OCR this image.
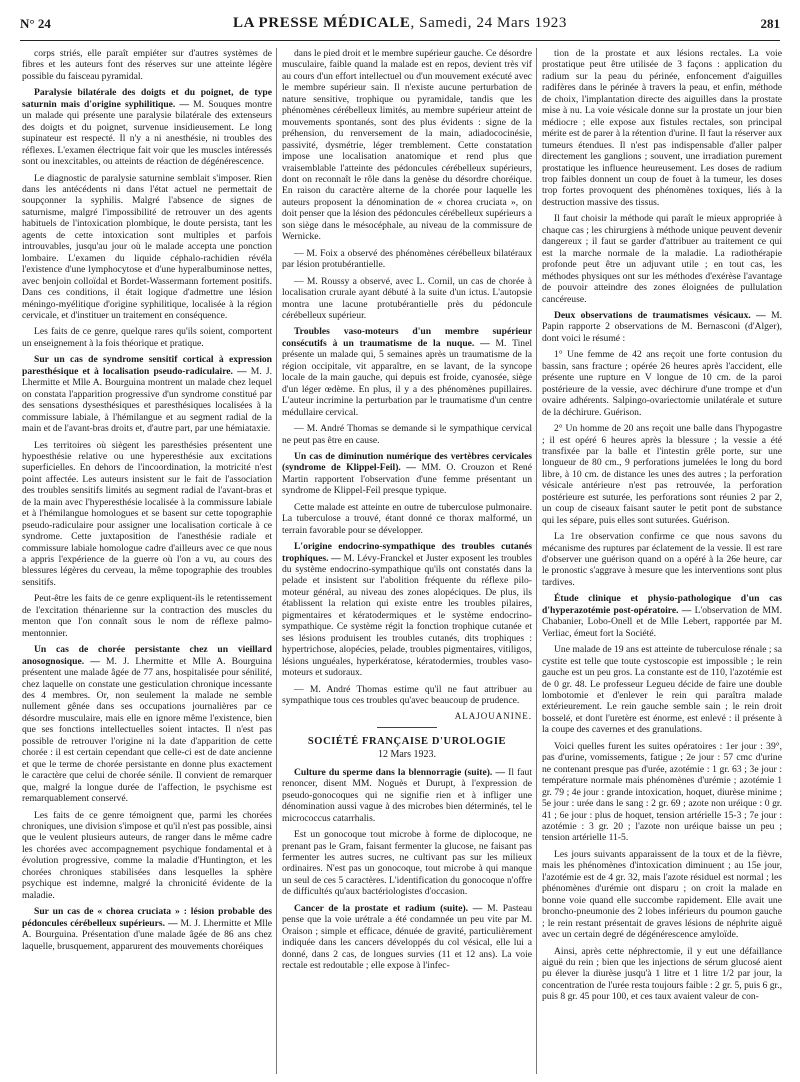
N° 24	LA PRESSE MÉDICALE, Samedi, 24 Mars 1923	281

corps striés, elle paraît empiéter sur d'autres systèmes de fibres et les auteurs font des réserves sur une atteinte légère possible du faisceau pyramidal.

Paralysie bilatérale des doigts et du poignet, de type saturnin mais d'origine syphilitique. — M. Souques montre un malade qui présente une paralysie bilatérale des extenseurs des doigts et du poignet, survenue insidieusement. Le long supinateur est respecté. Il n'y a ni anesthésie, ni troubles des réflexes. L'examen électrique fait voir que les muscles intéressés sont ou inexcitables, ou atteints de réaction de dégénérescence.

Le diagnostic de paralysie saturnine semblait s'imposer. Rien dans les antécédents ni dans l'état actuel ne permettait de soupçonner la syphilis. Malgré l'absence de signes de saturnisme, malgré l'impossibilité de retrouver un des agents habituels de l'intoxication plombique, le doute persista, tant les agents de cette intoxication sont multiples et parfois introuvables, jusqu'au jour où le malade accepta une ponction lombaire. L'examen du liquide céphalo-rachidien révéla l'existence d'une lymphocytose et d'une hyperalbuminose nettes, avec benjoin colloïdal et Bordet-Wassermann fortement positifs. Dans ces conditions, il était logique d'admettre une lésion méningo-myélitique d'origine syphilitique, localisée à la région cervicale, et d'instituer un traitement en conséquence.

Les faits de ce genre, quelque rares qu'ils soient, comportent un enseignement à la fois théorique et pratique.

Sur un cas de syndrome sensitif cortical à expression paresthésique et à localisation pseudo-radiculaire. — M. J. Lhermitte et Mlle A. Bourguina montrent un malade chez lequel on constata l'apparition progressive d'un syndrome constitué par des sensations dysesthésiques et paresthésiques localisées à la commissure labiale, à l'hémilangue et au segment radial de la main et de l'avant-bras droits et, d'autre part, par une hémiataxie.

Les territoires où siègent les paresthésies présentent une hypoesthésie relative ou une hyperesthésie aux excitations superficielles. En dehors de l'incoordination, la motricité n'est point affectée. Les auteurs insistent sur le fait de l'association des troubles sensitifs limités au segment radial de l'avant-bras et de la main avec l'hyperesthésie localisée à la commissure labiale et à l'hémilangue homologues et se basent sur cette topographie pseudo-radiculaire pour assigner une localisation corticale à ce syndrome. Cette juxtaposition de l'anesthésie radiale et commissure labiale homologue cadre d'ailleurs avec ce que nous a appris l'expérience de la guerre où l'on a vu, au cours des blessures légères du cerveau, la même topographie des troubles sensitifs.

Peut-être les faits de ce genre expliquent-ils le retentissement de l'excitation thénarienne sur la contraction des muscles du menton que l'on connaît sous le nom de réflexe palmo-mentonnier.

Un cas de chorée persistante chez un vieillard anosognosique. — M. J. Lhermitte et Mlle A. Bourguina présentent une malade âgée de 77 ans, hospitalisée pour sénilité, chez laquelle on constate une gesticulation chronique incessante des 4 membres. Or, non seulement la malade ne semble nullement gênée dans ses occupations journalières par ce désordre musculaire, mais elle en ignore même l'existence, bien que ses fonctions intellectuelles soient intactes. Il n'est pas possible de retrouver l'origine ni la date d'apparition de cette chorée : il est certain cependant que celle-ci est de date ancienne et que le terme de chorée persistante en donne plus exactement le caractère que celui de chorée sénile. Il convient de remarquer que, malgré la longue durée de l'affection, le psychisme est remarquablement conservé.

Les faits de ce genre témoignent que, parmi les chorées chroniques, une division s'impose et qu'il n'est pas possible, ainsi que le veulent plusieurs auteurs, de ranger dans le même cadre les chorées avec accompagnement psychique fondamental et à évolution progressive, comme la maladie d'Huntington, et les chorées chroniques stabilisées dans lesquelles la sphère psychique est indemne, malgré la chronicité évidente de la maladie.

Sur un cas de « chorea cruciata » : lésion probable des pédoncules cérébelleux supérieurs. — M. J. Lhermitte et Mlle A. Bourguina. Présentation d'une malade âgée de 86 ans chez laquelle, brusquement, apparurent des mouvements choréiques

dans le pied droit et le membre supérieur gauche. Ce désordre musculaire, faible quand la malade est en repos, devient très vif au cours d'un effort intellectuel ou d'un mouvement exécuté avec le membre supérieur sain. Il n'existe aucune perturbation de nature sensitive, trophique ou pyramidale, tandis que les phénomènes cérébelleux limités, au membre supérieur atteint de mouvements spontanés, sont des plus évidents : signe de la préhension, du renversement de la main, adiadococinésie, passivité, dysmétrie, léger tremblement. Cette constatation impose une localisation anatomique et rend plus que vraisemblable l'atteinte des pédoncules cérébelleux supérieurs, dont on reconnaît le rôle dans la genèse du désordre choréique. En raison du caractère alterne de la chorée pour laquelle les auteurs proposent la dénomination de « chorea cruciata », on doit penser que la lésion des pédoncules cérébelleux supérieurs a son siège dans le mésocéphale, au niveau de la commissure de Wernicke.

— M. Foix a observé des phénomènes cérébelleux bilatéraux par lésion protubérantielle.

— M. Roussy a observé, avec L. Cornil, un cas de chorée à localisation crurale ayant débuté à la suite d'un ictus. L'autopsie montra une lacune protubérantielle près du pédoncule cérébelleux supérieur.

Troubles vaso-moteurs d'un membre supérieur consécutifs à un traumatisme de la nuque. — M. Tinel présente un malade qui, 5 semaines après un traumatisme de la région occipitale, vit apparaître, en se lavant, de la syncope locale de la main gauche, qui depuis est froide, cyanosée, siège d'un léger œdème. En plus, il y a des phénomènes pupillaires. L'auteur incrimine la perturbation par le traumatisme d'un centre médullaire cervical.

— M. André Thomas se demande si le sympathique cervical ne peut pas être en cause.

Un cas de diminution numérique des vertèbres cervicales (syndrome de Klippel-Feil). — MM. O. Crouzon et René Martin rapportent l'observation d'une femme présentant un syndrome de Klippel-Feil presque typique.

Cette malade est atteinte en outre de tuberculose pulmonaire. La tuberculose a trouvé, étant donné ce thorax malformé, un terrain favorable pour se développer.

L'origine endocrino-sympathique des troubles cutanés trophiques. — M. Lévy-Franckel et Juster exposent les troubles du système endocrino-sympathique qu'ils ont constatés dans la pelade et insistent sur l'abolition fréquente du réflexe pilo-moteur général, au niveau des zones alopéciques. De plus, ils établissent la relation qui existe entre les troubles pilaires, pigmentaires et kératodermiques et le système endocrino-sympathique. Ce système régit la fonction trophique cutanée et ses lésions produisent les troubles cutanés, dits trophiques : hypertrichose, alopécies, pelade, troubles pigmentaires, vitiligos, lésions unguéales, hyperkératose, kératodermies, troubles vaso-moteurs et sudoraux.

— M. André Thomas estime qu'il ne faut attribuer au sympathique tous ces troubles qu'avec beaucoup de prudence.

ALAJOUANINE.
SOCIÉTÉ FRANÇAISE D'UROLOGIE
12 Mars 1923.

Culture du sperme dans la blennorragie (suite). — Il faut renoncer, disent MM. Noguès et Durupt, à l'expression de pseudo-gonocoques qui ne signifie rien et à infliger une dénomination aussi vague à des microbes bien déterminés, tel le micrococcus catarrhalis.

Est un gonocoque tout microbe à forme de diplocoque, ne prenant pas le Gram, faisant fermenter la glucose, ne faisant pas fermenter les autres sucres, ne cultivant pas sur les milieux ordinaires. N'est pas un gonocoque, tout microbe à qui manque un seul de ces 5 caractères. L'identification du gonocoque n'offre de difficultés qu'aux bactériologistes d'occasion.

Cancer de la prostate et radium (suite). — M. Pasteau pense que la voie urétrale a été condamnée un peu vite par M. Oraison ; simple et efficace, dénuée de gravité, particulièrement indiquée dans les cancers développés du col vésical, elle lui a donné, dans 2 cas, de longues survies (11 et 12 ans). La voie rectale est redoutable ; elle expose à l'infec-

tion de la prostate et aux lésions rectales. La voie prostatique peut être utilisée de 3 façons : application du radium sur la peau du périnée, enfoncement d'aiguilles radifères dans le périnée à travers la peau, et enfin, méthode de choix, l'implantation directe des aiguilles dans la prostate mise à nu. La voie vésicale donne sur la prostate un jour bien médiocre ; elle expose aux fistules rectales, son principal mérite est de parer à la rétention d'urine. Il faut la réserver aux tumeurs étendues. Il n'est pas indispensable d'aller palper directement les ganglions ; souvent, une irradiation purement prostatique les influence heureusement. Les doses de radium trop faibles donnent un coup de fouet à la tumeur, les doses trop fortes provoquent des phénomènes toxiques, liés à la destruction massive des tissus.

Il faut choisir la méthode qui paraît le mieux appropriée à chaque cas ; les chirurgiens à méthode unique peuvent devenir dangereux ; il faut se garder d'attribuer au traitement ce qui est la marche normale de la maladie. La radiothérapie profonde peut être un adjuvant utile ; en tout cas, les méthodes physiques ont sur les méthodes d'exérèse l'avantage de pouvoir atteindre des zones éloignées de pullulation cancéreuse.

Deux observations de traumatismes vésicaux. — M. Papin rapporte 2 observations de M. Bernasconi (d'Alger), dont voici le résumé :

1° Une femme de 42 ans reçoit une forte contusion du bassin, sans fracture ; opérée 26 heures après l'accident, elle présente une rupture en V longue de 10 cm. de la paroi postérieure de la vessie, avec déchirure d'une trompe et d'un ovaire adhérents. Salpingo-ovariectomie unilatérale et suture de la déchirure. Guérison.

2° Un homme de 20 ans reçoit une balle dans l'hypogastre ; il est opéré 6 heures après la blessure ; la vessie a été transfixée par la balle et l'intestin grêle porte, sur une longueur de 80 cm., 9 perforations jumelées le long du bord libre, à 10 cm. de distance les unes des autres ; la perforation vésicale antérieure n'est pas retrouvée, la perforation postérieure est suturée, les perforations sont réunies 2 par 2, un coup de ciseaux faisant sauter le petit pont de substance qui les sépare, puis elles sont suturées. Guérison.

La 1re observation confirme ce que nous savons du mécanisme des ruptures par éclatement de la vessie. Il est rare d'observer une guérison quand on a opéré à la 26e heure, car le pronostic s'aggrave à mesure que les interventions sont plus tardives.

Étude clinique et physio-pathologique d'un cas d'hyperazotémie post-opératoire. — L'observation de MM. Chabanier, Lobo-Onell et de Mlle Lebert, rapportée par M. Verliac, émeut fort la Société.

Une malade de 19 ans est atteinte de tuberculose rénale ; sa cystite est telle que toute cystoscopie est impossible ; le rein gauche est un peu gros. La constante est de 110, l'azotémie est de 0 gr. 48. Le professeur Legueu décide de faire une double lombotomie et d'enlever le rein qui paraîtra malade extérieurement. Le rein gauche semble sain ; le rein droit bosselé, et dont l'uretère est énorme, est enlevé : il présente à la coupe des cavernes et des granulations.

Voici quelles furent les suites opératoires : 1er jour : 39°, pas d'urine, vomissements, fatigue ; 2e jour : 57 cmc d'urine ne contenant presque pas d'urée, azotémie : 1 gr. 63 ; 3e jour : température normale mais phénomènes d'urémie ; azotémie 1 gr. 79 ; 4e jour : grande intoxication, hoquet, diurèse minime ; 5e jour : urée dans le sang : 2 gr. 69 ; azote non uréique : 0 gr. 41 ; 6e jour : plus de hoquet, tension artérielle 15-3 ; 7e jour : azotémie : 3 gr. 20 ; l'azote non uréique baisse un peu ; tension artérielle 11-5.

Les jours suivants apparaissent de la toux et de la fièvre, mais les phénomènes d'intoxication diminuent ; au 15e jour, l'azotémie est de 4 gr. 32, mais l'azote résiduel est normal ; les phénomènes d'urémie ont disparu ; on croit la malade en bonne voie quand elle succombe rapidement. Elle avait une broncho-pneumonie des 2 lobes inférieurs du poumon gauche ; le rein restant présentait de graves lésions de néphrite aiguë avec un certain degré de dégénérescence amyloïde.

Ainsi, après cette néphrectomie, il y eut une défaillance aiguë du rein ; bien que les injections de sérum glucosé aient pu élever la diurèse jusqu'à 1 litre et 1 litre 1/2 par jour, la concentration de l'urée resta toujours faible : 2 gr. 5, puis 6 gr., puis 8 gr. 45 pour 100, et ces taux avaient valeur de con-
